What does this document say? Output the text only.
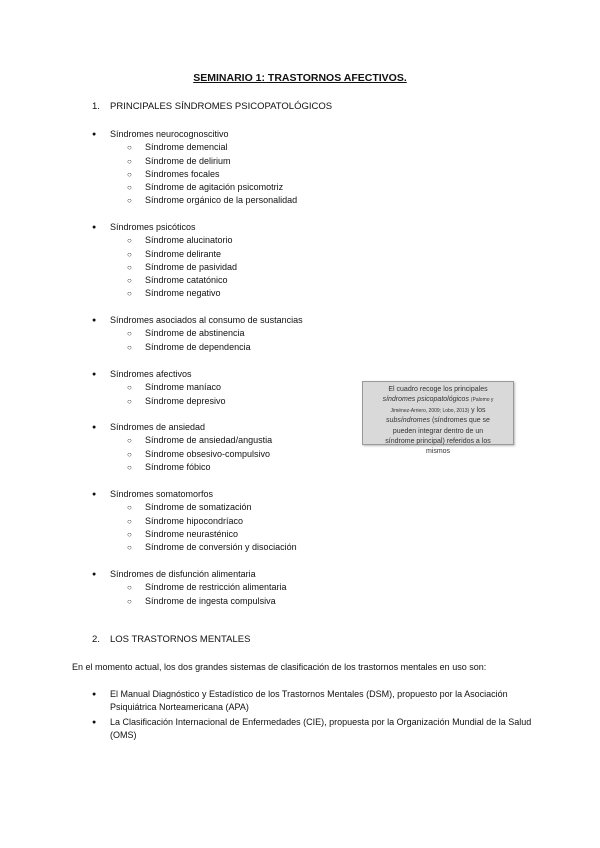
SEMINARIO 1: TRASTORNOS AFECTIVOS.
1. PRINCIPALES SÍNDROMES PSICOPATOLÓGICOS
● Síndromes neurocognoscitivo
○ Síndrome demencial
○ Síndrome de delirium
○ Síndromes focales
○ Síndrome de agitación psicomotriz
○ Síndrome orgánico de la personalidad
● Síndromes psicóticos
○ Síndrome alucinatorio
○ Síndrome delirante
○ Síndrome de pasividad
○ Síndrome catatónico
○ Síndrome negativo
● Síndromes asociados al consumo de sustancias
○ Síndrome de abstinencia
○ Síndrome de dependencia
● Síndromes afectivos
○ Síndrome maníaco
○ Síndrome depresivo
● Síndromes de ansiedad
○ Síndrome de ansiedad/angustia
○ Síndrome obsesivo-compulsivo
○ Síndrome fóbico
● Síndromes somatomorfos
○ Síndrome de somatización
○ Síndrome hipocondríaco
○ Síndrome neurasténico
○ Síndrome de conversión y disociación
● Síndromes de disfunción alimentaria
○ Síndrome de restricción alimentaria
○ Síndrome de ingesta compulsiva
El cuadro recoge los principales
síndromes psicopatológicos (Palomo y
Jiménez-Arriero, 2009; Lobo, 2013) y los
subsíndromes (síndromes que se
pueden integrar dentro de un
síndrome principal) referidos a los
mismos
2. LOS TRASTORNOS MENTALES
En el momento actual, los dos grandes sistemas de clasificación de los trastornos mentales en uso son:
● El Manual Diagnóstico y Estadístico de los Trastornos Mentales (DSM), propuesto por la Asociación Psiquiátrica Norteamericana (APA)
● La Clasificación Internacional de Enfermedades (CIE), propuesta por la Organización Mundial de la Salud (OMS)
